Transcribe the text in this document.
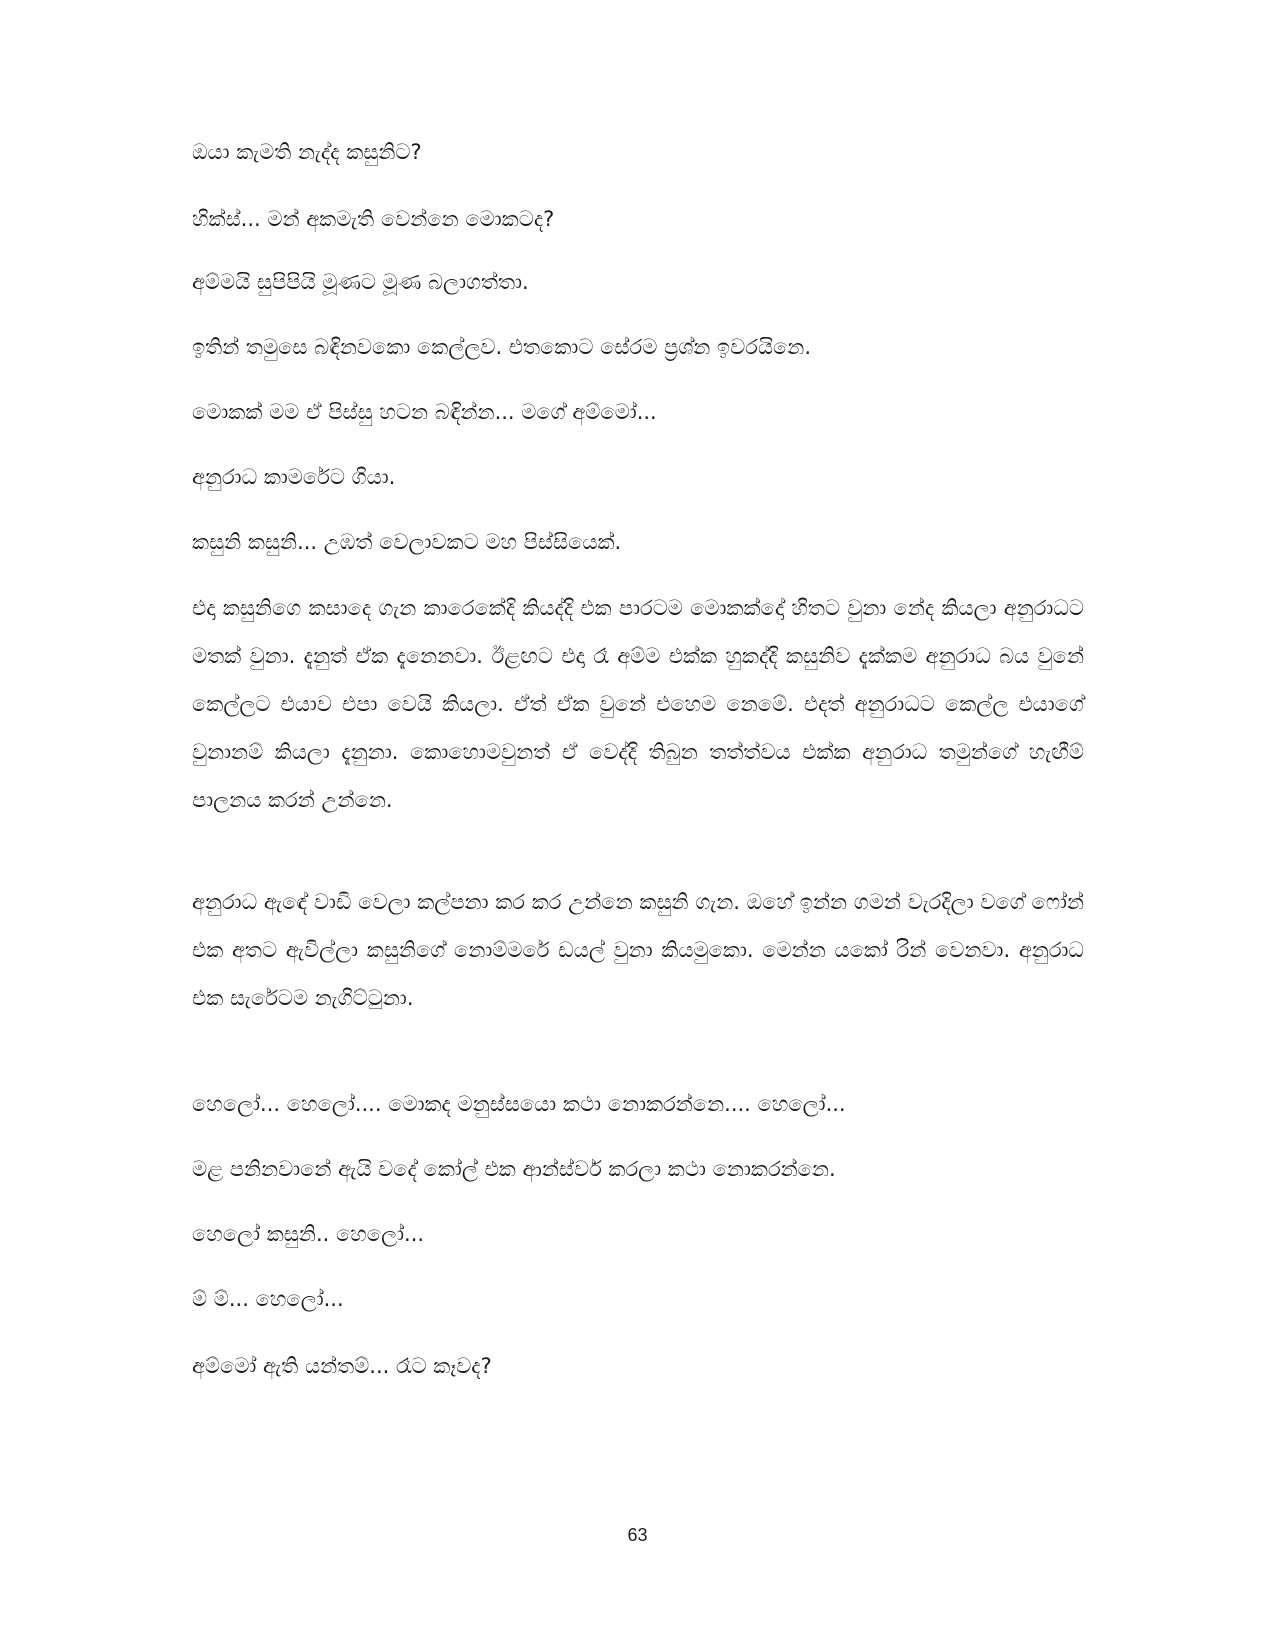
ඔයා කැමති නැද්ද කසුනිට?
හික්ස්... මන් අකමැති වෙන්නෙ මොකටද?
අම්මයි සුපිපියි මූණට මූණ බලාගත්තා.
ඉතින් තමුසෙ බඳිනවකො කෙල්ලව. එතකොට සේරම ප්‍රශ්න ඉවරයිනෙ.
මොකක් මම ඒ පිස්සු හටන බඳින්න... මගේ අම්මෝ...
අනුරාධ කාමරේට ගියා.
කසුනි කසුනි... උඹත් වෙලාවකට මහ පිස්සියෙක්.
එදා කසුනිගෙ කසාදෙ ගැන කාරෙකේදි කියද්දි එක පාරටම මොකක්දෝ හිතට වුනා නේද කියලා අනුරාධට මතක් වුනා. දැනුත් ඒක දැනෙනවා. ඊළඟට එදා රෑ අම්ම එක්ක හුකද්දි කසුනිව දැක්කම අනුරාධ බය වුනේ කෙල්ලට එයාව එපා වෙයි කියලා. ඒත් ඒක වුනේ එහෙම නෙමේ. එදත් අනුරාධට කෙල්ල එයාගේ වුනානම් කියලා දැනුනා. කොහොමවුනත් ඒ වෙද්දි තිබුන තත්ත්වය එක්ක අනුරාධ තමුන්ගේ හැඟීම් පාලනය කරන් උන්නෙ.
අනුරාධ ඇඳේ වාඩි වෙලා කල්පනා කර කර උන්නෙ කසුනි ගැන. ඔහේ ඉන්න ගමන් වැරදිලා වගේ ෆෝන් එක අතට ඇවිල්ලා කසුනිගේ නොම්මරේ ඩයල් වුනා කියමුකො. මෙන්න යකෝ රින් වෙනවා. අනුරාධ එක සැරේටම නැගිට්ටුනා.
හෙලෝ... හෙලෝ.... මොකද මනුස්සයො කථා නොකරන්නෙ.... හෙලෝ...
මළ පනිනවානේ ඇයි වදේ කෝල් එක ආන්ස්වර් කරලා කථා නොකරන්නෙ.
හෙලෝ කසුනි.. හෙලෝ...
ම් ම්... හෙලෝ...
අම්මෝ ඇති යන්තම්... රෑට කෑවද?
63
